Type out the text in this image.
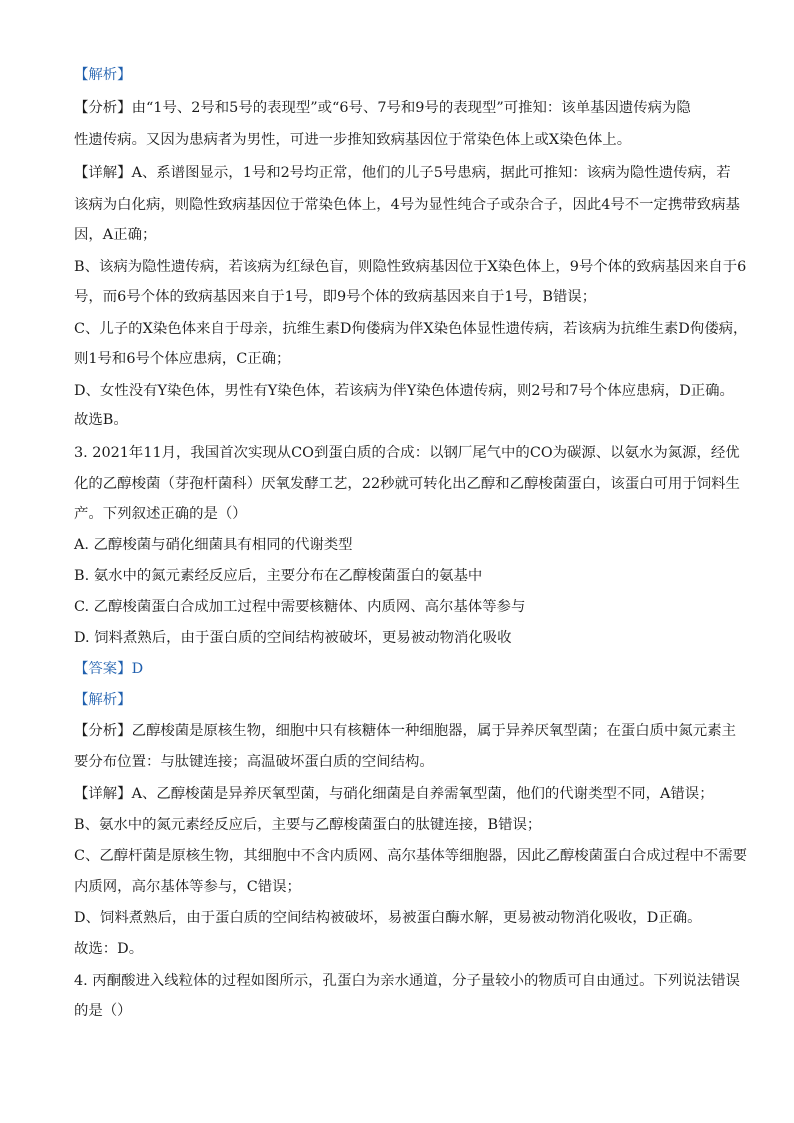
【解析】
【分析】由“1号、2号和5号的表现型”或“6号、7号和9号的表现型”可推知：该单基因遗传病为隐
性遗传病。又因为患病者为男性，可进一步推知致病基因位于常染色体上或X染色体上。
【详解】A、系谱图显示，1号和2号均正常，他们的儿子5号患病，据此可推知：该病为隐性遗传病，若
该病为白化病，则隐性致病基因位于常染色体上，4号为显性纯合子或杂合子，因此4号不一定携带致病基
因，A正确；
B、该病为隐性遗传病，若该病为红绿色盲，则隐性致病基因位于X染色体上，9号个体的致病基因来自于6
号，而6号个体的致病基因来自于1号，即9号个体的致病基因来自于1号，B错误；
C、儿子的X染色体来自于母亲，抗维生素D佝偻病为伴X染色体显性遗传病，若该病为抗维生素D佝偻病，
则1号和6号个体应患病，C正确；
D、女性没有Y染色体，男性有Y染色体，若该病为伴Y染色体遗传病，则2号和7号个体应患病，D正确。
故选B。
3. 2021年11月，我国首次实现从CO到蛋白质的合成：以钢厂尾气中的CO为碳源、以氨水为氮源，经优
化的乙醇梭菌（芽孢杆菌科）厌氧发酵工艺，22秒就可转化出乙醇和乙醇梭菌蛋白，该蛋白可用于饲料生
产。下列叙述正确的是（）
A. 乙醇梭菌与硝化细菌具有相同的代谢类型
B. 氨水中的氮元素经反应后，主要分布在乙醇梭菌蛋白的氨基中
C. 乙醇梭菌蛋白合成加工过程中需要核糖体、内质网、高尔基体等参与
D. 饲料煮熟后，由于蛋白质的空间结构被破坏，更易被动物消化吸收
【答案】D
【解析】
【分析】乙醇梭菌是原核生物，细胞中只有核糖体一种细胞器，属于异养厌氧型菌；在蛋白质中氮元素主
要分布位置：与肽键连接；高温破坏蛋白质的空间结构。
【详解】A、乙醇梭菌是异养厌氧型菌，与硝化细菌是自养需氧型菌，他们的代谢类型不同，A错误；
B、氨水中的氮元素经反应后，主要与乙醇梭菌蛋白的肽键连接，B错误；
C、乙醇杆菌是原核生物，其细胞中不含内质网、高尔基体等细胞器，因此乙醇梭菌蛋白合成过程中不需要
内质网，高尔基体等参与，C错误；
D、饲料煮熟后，由于蛋白质的空间结构被破坏，易被蛋白酶水解，更易被动物消化吸收，D正确。
故选：D。
4. 丙酮酸进入线粒体的过程如图所示，孔蛋白为亲水通道，分子量较小的物质可自由通过。下列说法错误
的是（）
